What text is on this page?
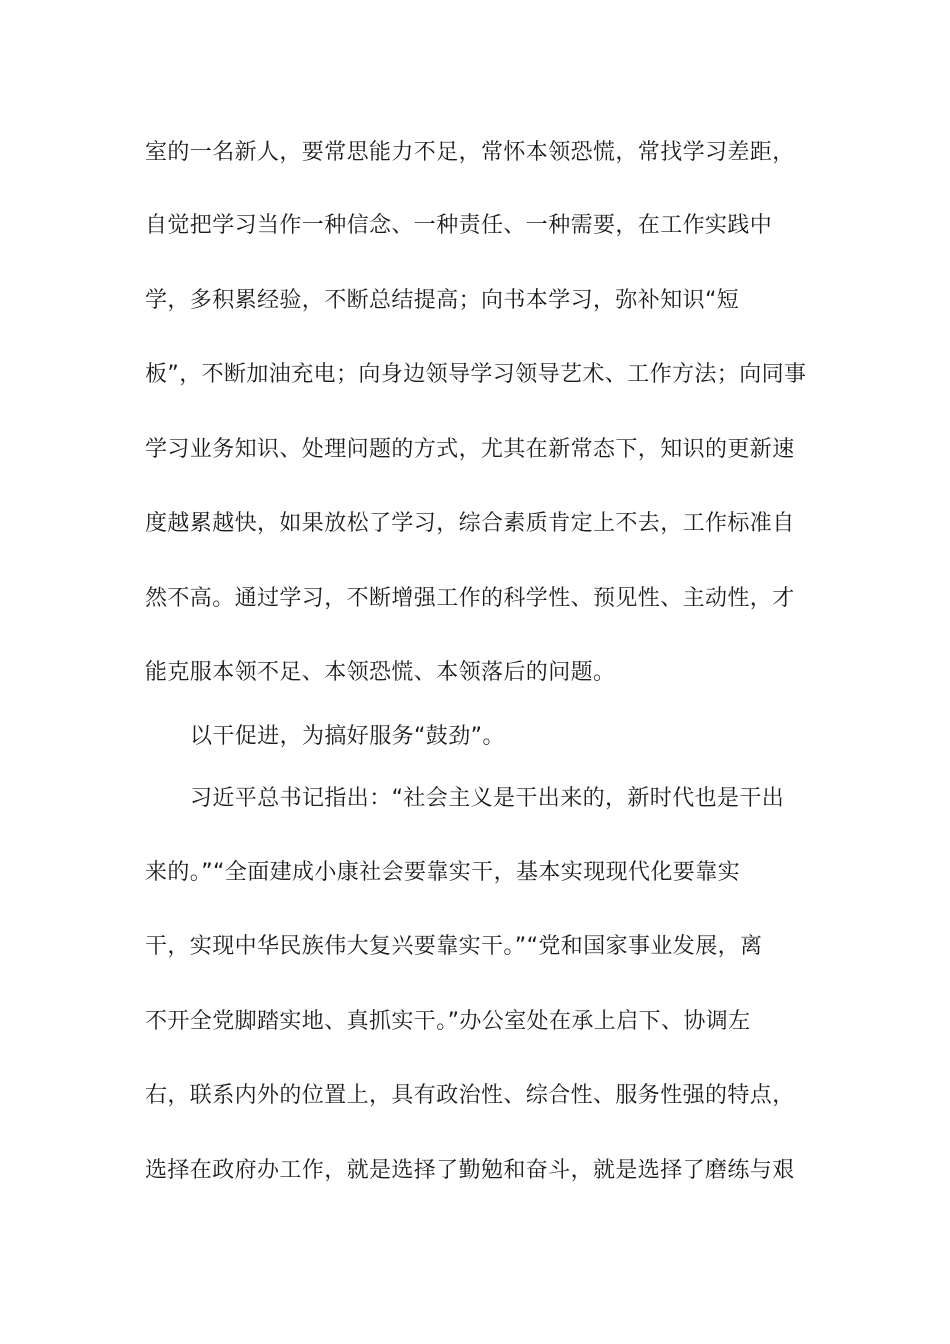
室的一名新人，要常思能力不足，常怀本领恐慌，常找学习差距，
自觉把学习当作一种信念、一种责任、一种需要，在工作实践中
学，多积累经验，不断总结提高；向书本学习，弥补知识“短
板”，不断加油充电；向身边领导学习领导艺术、工作方法；向同事
学习业务知识、处理问题的方式，尤其在新常态下，知识的更新速
度越累越快，如果放松了学习，综合素质肯定上不去，工作标准自
然不高。通过学习，不断增强工作的科学性、预见性、主动性，才
能克服本领不足、本领恐慌、本领落后的问题。
以干促进，为搞好服务“鼓劲”。
习近平总书记指出：“社会主义是干出来的，新时代也是干出
来的。”“全面建成小康社会要靠实干，基本实现现代化要靠实
干，实现中华民族伟大复兴要靠实干。”“党和国家事业发展，离
不开全党脚踏实地、真抓实干。”办公室处在承上启下、协调左
右，联系内外的位置上，具有政治性、综合性、服务性强的特点，
选择在政府办工作，就是选择了勤勉和奋斗，就是选择了磨练与艰
